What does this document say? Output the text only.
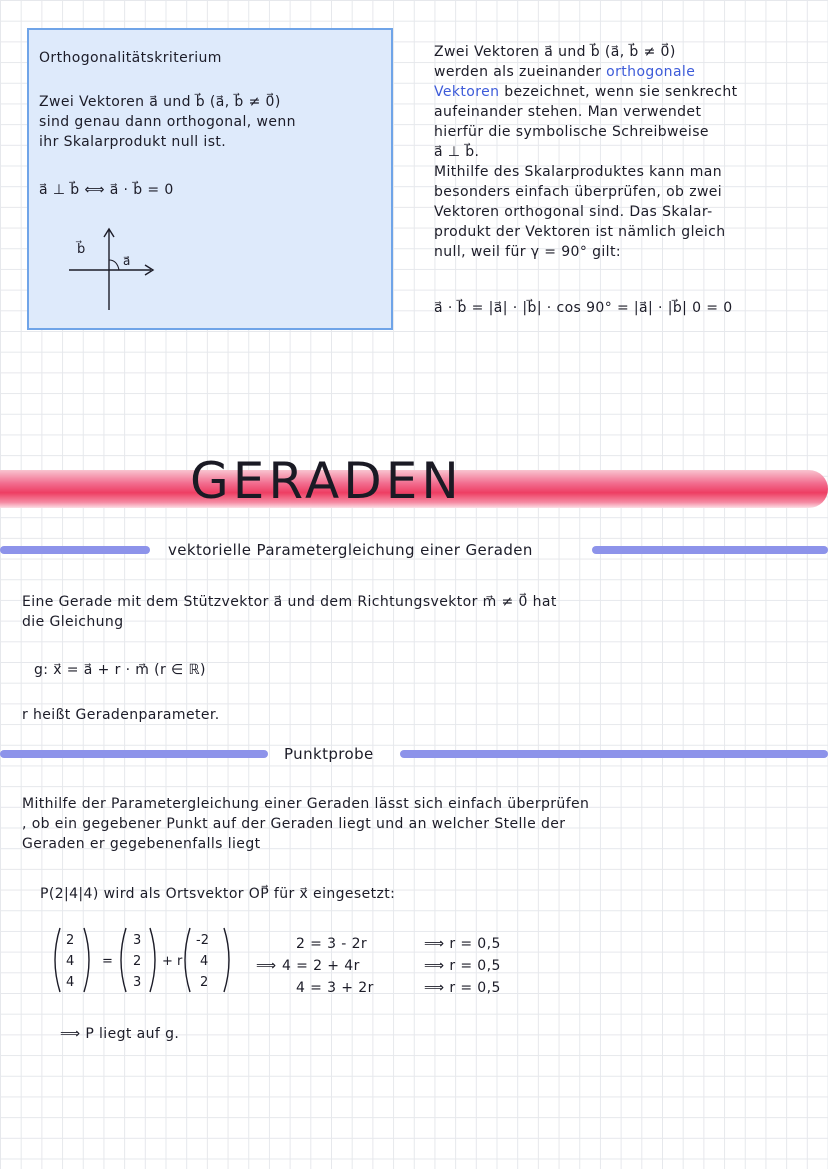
Orthogonalitätskriterium
Zwei Vektoren a⃗ und b⃗ (a⃗, b⃗ ≠ 0⃗)
sind genau dann orthogonal, wenn
ihr Skalarprodukt null ist.
a⃗ ⊥ b⃗ ⟺ a⃗ · b⃗ = 0
b⃗
a⃗
Zwei Vektoren a⃗ und b⃗ (a⃗, b⃗ ≠ 0⃗)
werden als zueinander orthogonale
Vektoren bezeichnet, wenn sie senkrecht
aufeinander stehen. Man verwendet
hierfür die symbolische Schreibweise
a⃗ ⊥ b⃗.
Mithilfe des Skalarproduktes kann man
besonders einfach überprüfen, ob zwei
Vektoren orthogonal sind. Das Skalar-
produkt der Vektoren ist nämlich gleich
null, weil für γ = 90° gilt:
a⃗ · b⃗ = |a⃗| · |b⃗| · cos 90° = |a⃗| · |b⃗| 0 = 0
GERADEN
vektorielle Parametergleichung einer Geraden
Eine Gerade mit dem Stützvektor a⃗ und dem Richtungsvektor m⃗ ≠ 0⃗ hat
die Gleichung
g: x⃗ = a⃗ + r · m⃗ (r ∈ ℝ)
r heißt Geradenparameter.
Punktprobe
Mithilfe der Parametergleichung einer Geraden lässt sich einfach überprüfen
, ob ein gegebener Punkt auf der Geraden liegt und an welcher Stelle der
Geraden er gegebenenfalls liegt
P(2|4|4) wird als Ortsvektor OP⃗ für x⃗ eingesetzt:
2
4
4
=
3
2
3
+ r
-2
4
2
⟹
2 = 3 - 2r
4 = 2 + 4r
4 = 3 + 2r
⟹ r = 0,5
⟹ r = 0,5
⟹ r = 0,5
⟹ P liegt auf g.
